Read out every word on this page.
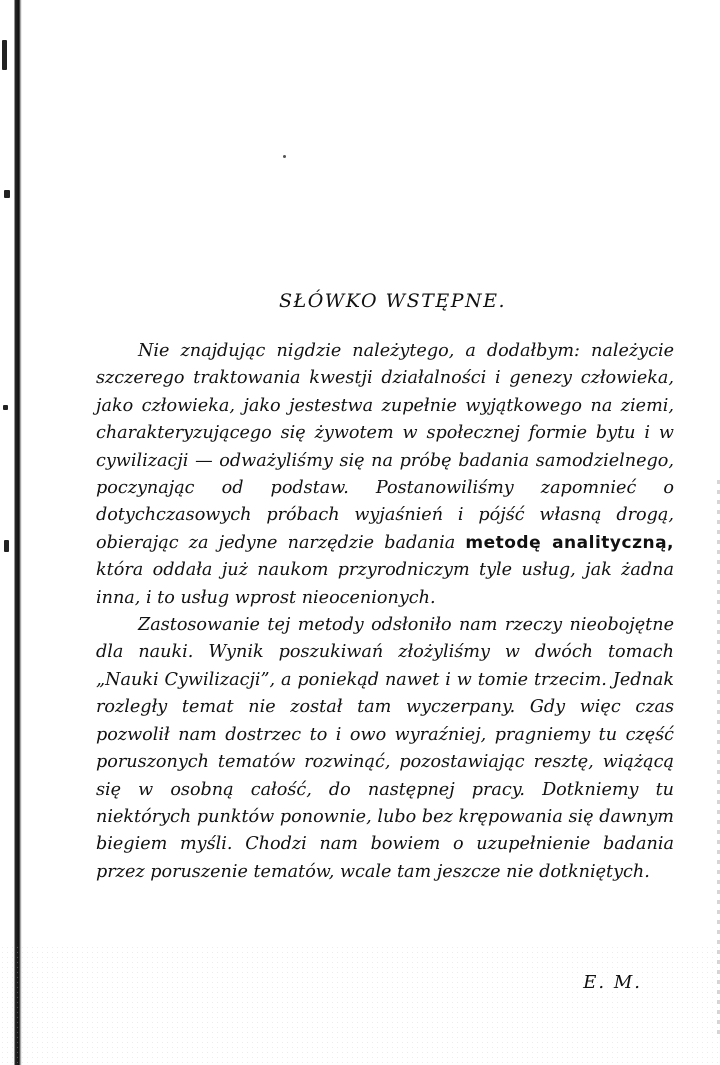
SŁÓWKO WSTĘPNE.

Nie znajdując nigdzie należytego, a dodałbym: należycie szczerego traktowania kwestji działalności i genezy człowieka, jako człowieka, jako jestestwa zupełnie wyjątkowego na ziemi, charakteryzującego się żywotem w społecznej formie bytu i w cywilizacji — odważyliśmy się na próbę badania samodzielnego, poczynając od podstaw. Postanowiliśmy zapomnieć o dotychczasowych próbach wyjaśnień i pójść własną drogą, obierając za jedyne narzędzie badania metodę analityczną, która oddała już naukom przyrodniczym tyle usług, jak żadna inna, i to usług wprost nieocenionych.

Zastosowanie tej metody odsłoniło nam rzeczy nieobojętne dla nauki. Wynik poszukiwań złożyliśmy w dwóch tomach „Nauki Cywilizacji”, a poniekąd nawet i w tomie trzecim. Jednak rozległy temat nie został tam wyczerpany. Gdy więc czas pozwolił nam dostrzec to i owo wyraźniej, pragniemy tu część poruszonych tematów rozwinąć, pozostawiając resztę, wiążącą się w osobną całość, do następnej pracy. Dotkniemy tu niektórych punktów ponownie, lubo bez krępowania się dawnym biegiem myśli. Chodzi nam bowiem o uzupełnienie badania przez poruszenie tematów, wcale tam jeszcze nie dotkniętych.

E. M.
